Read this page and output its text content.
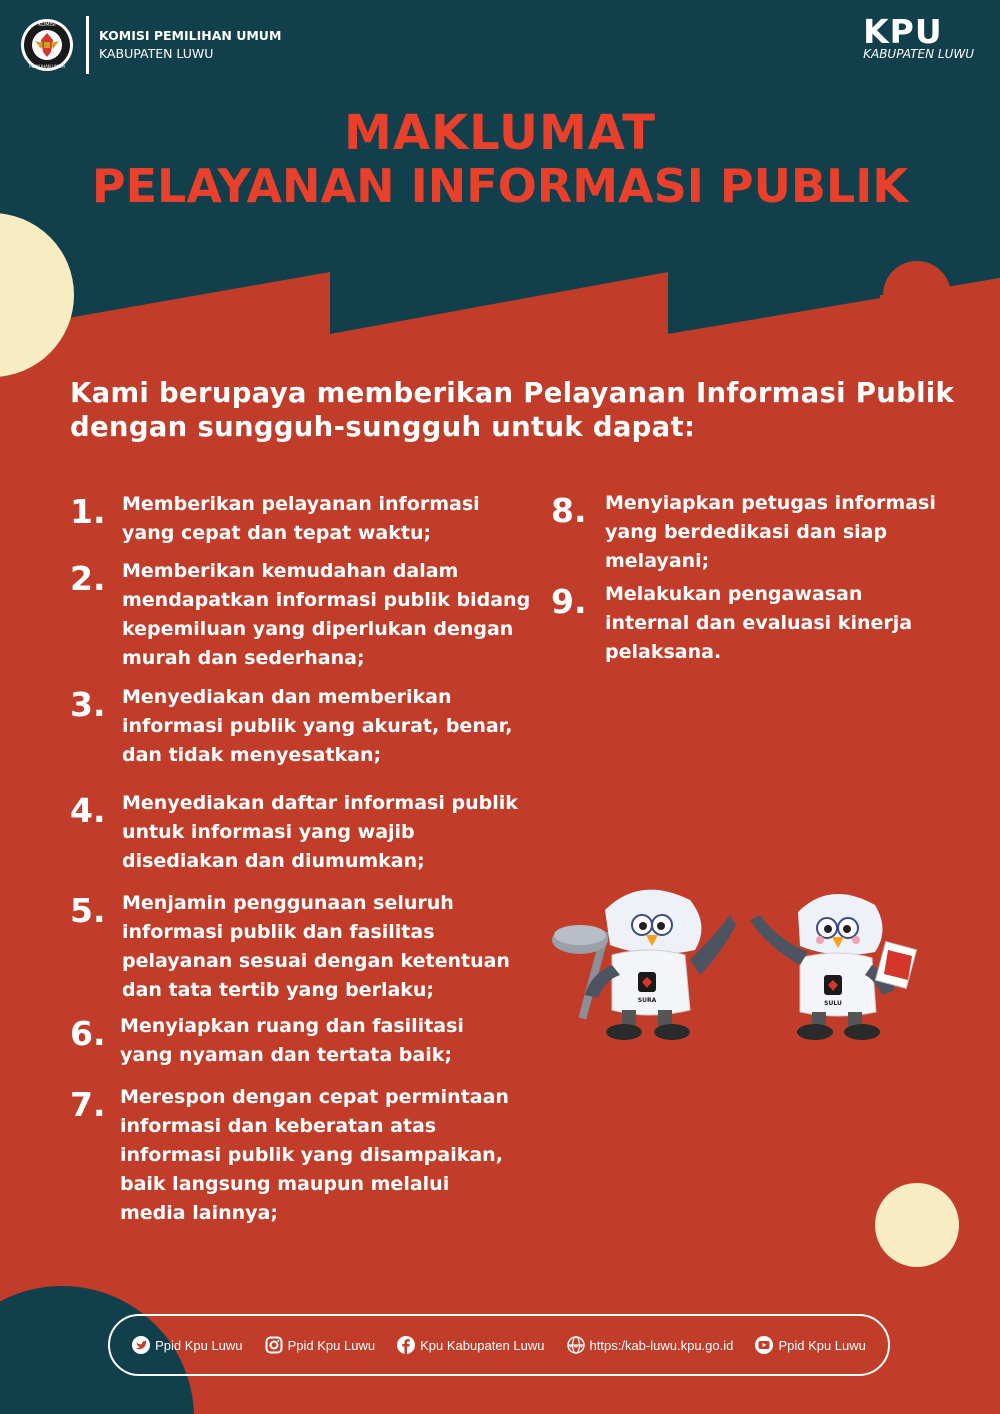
KOMISI
PEMILIHAN UMUM
KOMISI PEMILIHAN UMUM
KABUPATEN LUWU
KPU
KABUPATEN LUWU
MAKLUMAT
PELAYANAN INFORMASI PUBLIK
Kami berupaya memberikan Pelayanan Informasi Publik dengan sungguh-sungguh untuk dapat:
1. Memberikan pelayanan informasi yang cepat dan tepat waktu;
2. Memberikan kemudahan dalam mendapatkan informasi publik bidang kepemiluan yang diperlukan dengan murah dan sederhana;
3. Menyediakan dan memberikan informasi publik yang akurat, benar, dan tidak menyesatkan;
4. Menyediakan daftar informasi publik untuk informasi yang wajib disediakan dan diumumkan;
5. Menjamin penggunaan seluruh informasi publik dan fasilitas pelayanan sesuai dengan ketentuan dan tata tertib yang berlaku;
6. Menyiapkan ruang dan fasilitasi yang nyaman dan tertata baik;
7. Merespon dengan cepat permintaan informasi dan keberatan atas informasi publik yang disampaikan, baik langsung maupun melalui media lainnya;
8. Menyiapkan petugas informasi yang berdedikasi dan siap melayani;
9. Melakukan pengawasan internal dan evaluasi kinerja pelaksana.
SURA	SULU
Ppid Kpu Luwu	Ppid Kpu Luwu	Kpu Kabupaten Luwu	www https:/kab-luwu.kpu.go.id	Ppid Kpu Luwu
